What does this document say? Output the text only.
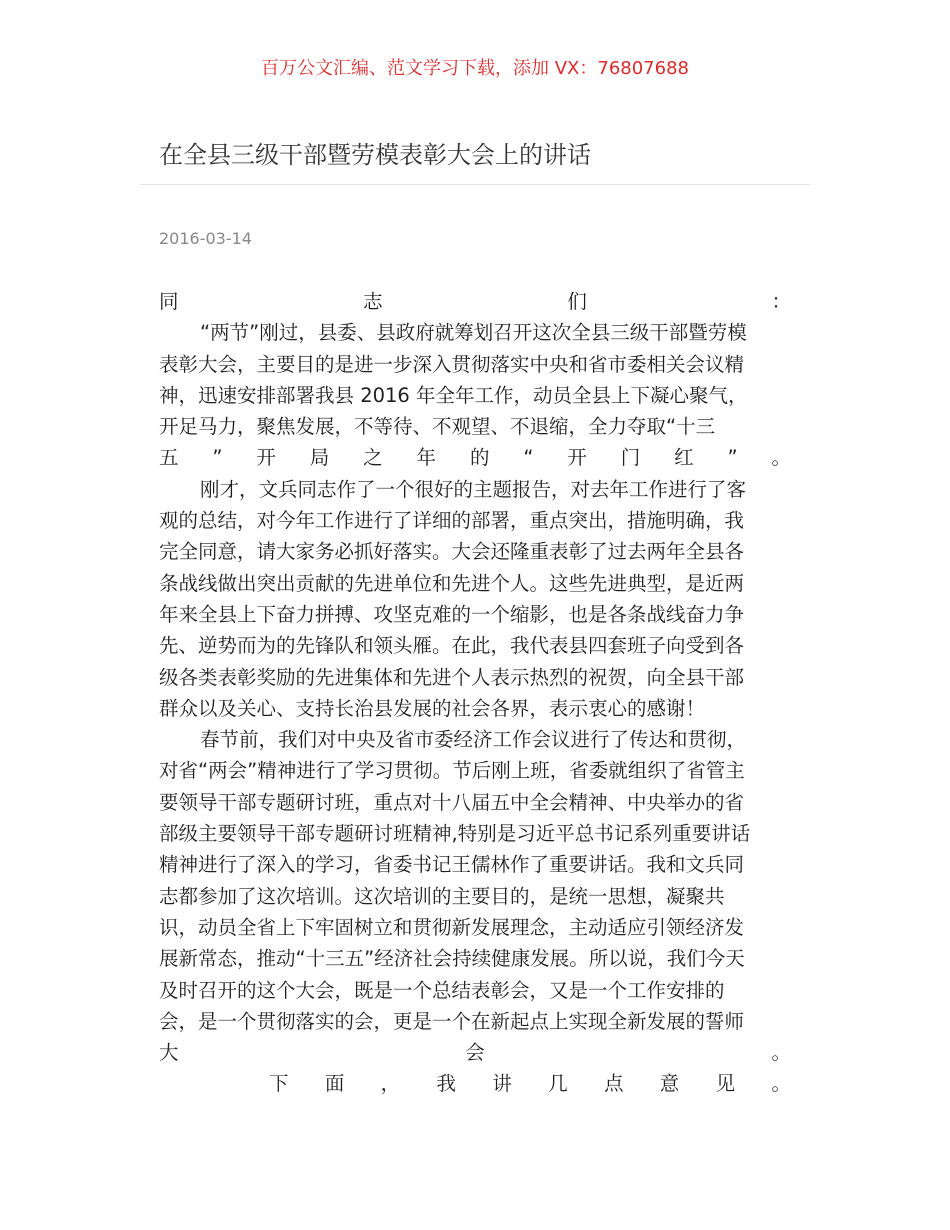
百万公文汇编、范文学习下载，添加 VX：76807688
在全县三级干部暨劳模表彰大会上的讲话
2016-03-14
同	志	们	：
“两节”刚过，县委、县政府就筹划召开这次全县三级干部暨劳模
表彰大会，主要目的是进一步深入贯彻落实中央和省市委相关会议精
神，迅速安排部署我县 2016 年全年工作，动员全县上下凝心聚气，
开足马力，聚焦发展，不等待、不观望、不退缩，全力夺取“十三
五 ” 开 局 之 年 的 “ 开 门 红 ” 。
刚才，文兵同志作了一个很好的主题报告，对去年工作进行了客
观的总结，对今年工作进行了详细的部署，重点突出，措施明确，我
完全同意，请大家务必抓好落实。大会还隆重表彰了过去两年全县各
条战线做出突出贡献的先进单位和先进个人。这些先进典型，是近两
年来全县上下奋力拼搏、攻坚克难的一个缩影，也是各条战线奋力争
先、逆势而为的先锋队和领头雁。在此，我代表县四套班子向受到各
级各类表彰奖励的先进集体和先进个人表示热烈的祝贺，向全县干部
群众以及关心、支持长治县发展的社会各界，表示衷心的感谢！
春节前，我们对中央及省市委经济工作会议进行了传达和贯彻，
对省“两会”精神进行了学习贯彻。节后刚上班，省委就组织了省管主
要领导干部专题研讨班，重点对十八届五中全会精神、中央举办的省
部级主要领导干部专题研讨班精神,特别是习近平总书记系列重要讲话
精神进行了深入的学习，省委书记王儒林作了重要讲话。我和文兵同
志都参加了这次培训。这次培训的主要目的，是统一思想，凝聚共
识，动员全省上下牢固树立和贯彻新发展理念，主动适应引领经济发
展新常态，推动“十三五”经济社会持续健康发展。所以说，我们今天
及时召开的这个大会，既是一个总结表彰会，又是一个工作安排的
会，是一个贯彻落实的会，更是一个在新起点上实现全新发展的誓师
大	会	。
下 面 ， 我 讲 几 点 意 见 。
